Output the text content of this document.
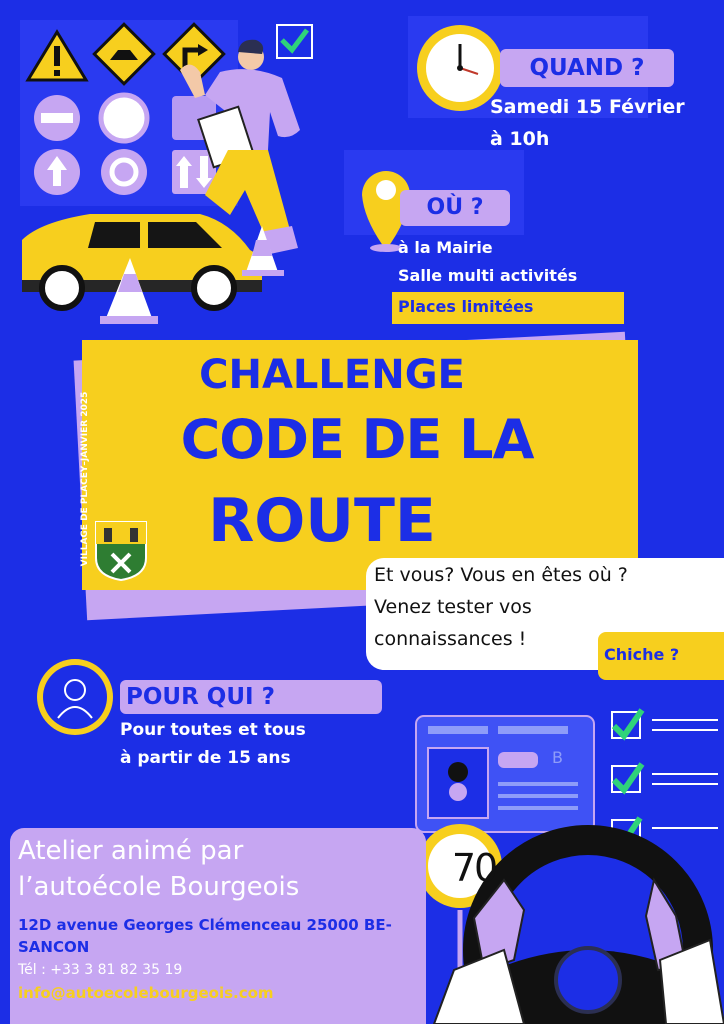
QUAND ?
Samedi 15 Février
à 10h
OÙ ?
à la Mairie
Salle multi activités
Places limitées
CHALLENGE
CODE DE LA
ROUTE
VILLAGE DE PLACEY–JANVIER 2025
Et vous? Vous en êtes où ?
Venez tester vos
connaissances !
Chiche ?
POUR QUI ?
Pour toutes et tous
à partir de 15 ans	B
70
Atelier animé par
l’autoécole Bourgeois
12D avenue Georges Clémenceau 25000 BE-
SANCON
Tél : +33 3 81 82 35 19
info@autoecolebourgeois.com
